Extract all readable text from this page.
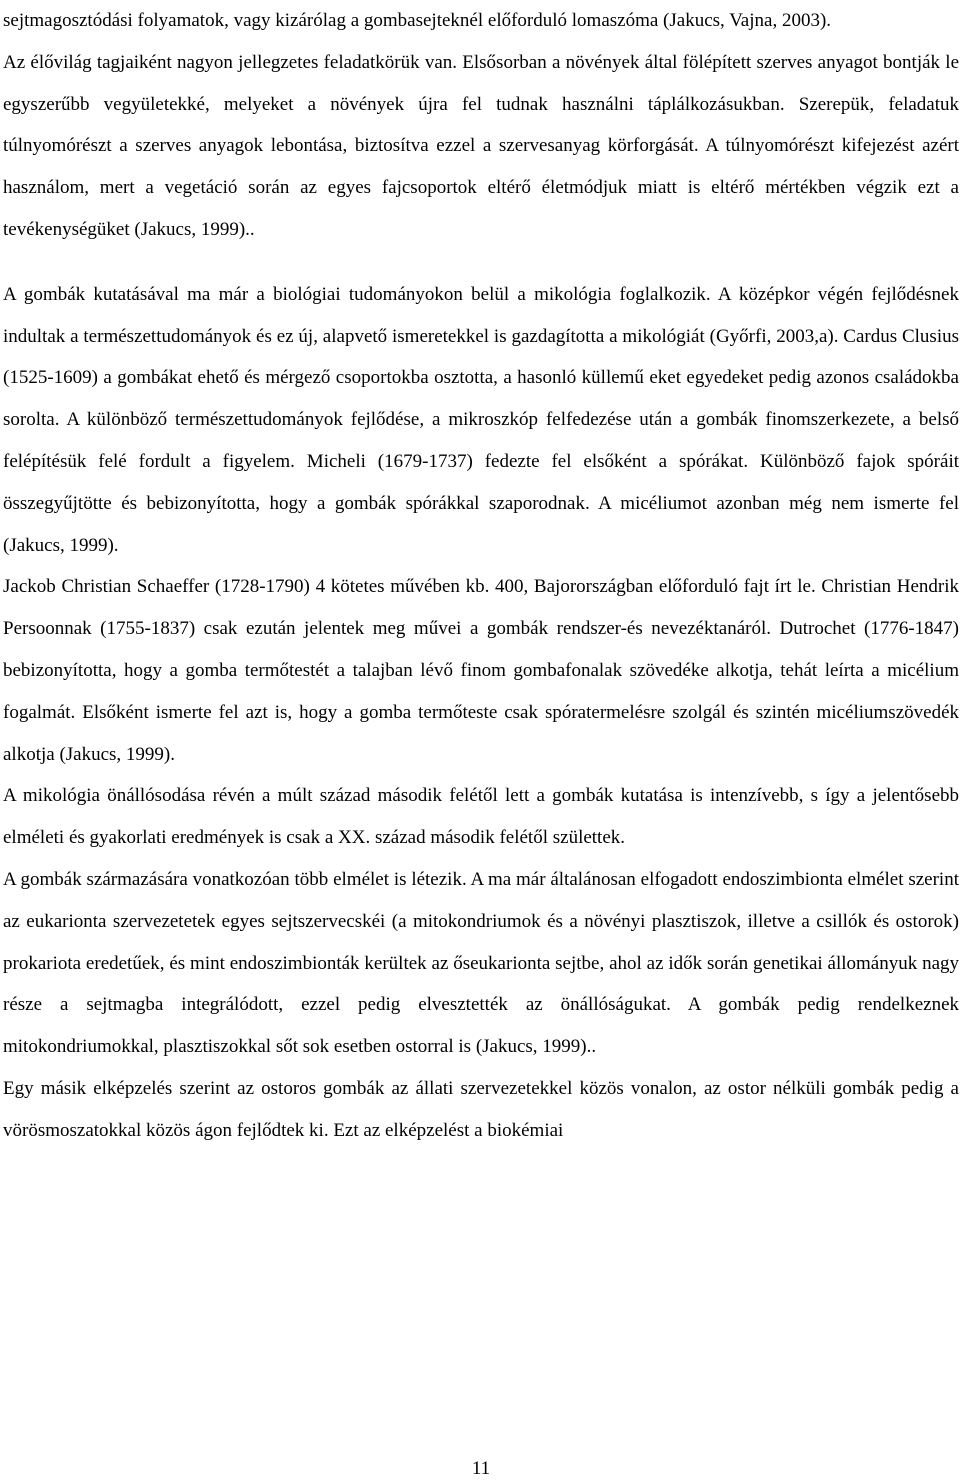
sejtmagosztódási folyamatok, vagy kizárólag a gombasejteknél előforduló lomaszóma (Jakucs, Vajna, 2003).

Az élővilág tagjaiként nagyon jellegzetes feladatkörük van. Elsősorban a növények által fölépített szerves anyagot bontják le egyszerűbb vegyületekké, melyeket a növények újra fel tudnak használni táplálkozásukban. Szerepük, feladatuk túlnyomórészt a szerves anyagok lebontása, biztosítva ezzel a szervesanyag körforgását. A túlnyomórészt kifejezést azért használom, mert a vegetáció során az egyes fajcsoportok eltérő életmódjuk miatt is eltérő mértékben végzik ezt a tevékenységüket (Jakucs, 1999)..

A gombák kutatásával ma már a biológiai tudományokon belül a mikológia foglalkozik. A középkor végén fejlődésnek indultak a természettudományok és ez új, alapvető ismeretekkel is gazdagította a mikológiát (Győrfi, 2003,a). Cardus Clusius (1525-1609) a gombákat ehető és mérgező csoportokba osztotta, a hasonló küllemű eket egyedeket pedig azonos családokba sorolta. A különböző természettudományok fejlődése, a mikroszkóp felfedezése után a gombák finomszerkezete, a belső felépítésük felé fordult a figyelem. Micheli (1679-1737) fedezte fel elsőként a spórákat. Különböző fajok spóráit összegyűjtötte és bebizonyította, hogy a gombák spórákkal szaporodnak. A micéliumot azonban még nem ismerte fel (Jakucs, 1999).

Jackob Christian Schaeffer (1728-1790) 4 kötetes művében kb. 400, Bajorországban előforduló fajt írt le. Christian Hendrik Persoonnak (1755-1837) csak ezután jelentek meg művei a gombák rendszer-és nevezéktanáról. Dutrochet (1776-1847) bebizonyította, hogy a gomba termőtestét a talajban lévő finom gombafonalak szövedéke alkotja, tehát leírta a micélium fogalmát. Elsőként ismerte fel azt is, hogy a gomba termőteste csak spóratermelésre szolgál és szintén micéliumszövedék alkotja (Jakucs, 1999).

A mikológia önállósodása révén a múlt század második felétől lett a gombák kutatása is intenzívebb, s így a jelentősebb elméleti és gyakorlati eredmények is csak a XX. század második felétől születtek.

A gombák származására vonatkozóan több elmélet is létezik. A ma már általánosan elfogadott endoszimbionta elmélet szerint az eukarionta szervezetetek egyes sejtszervecskéi (a mitokondriumok és a növényi plasztiszok, illetve a csillók és ostorok) prokariota eredetűek, és mint endoszimbionták kerültek az őseukarionta sejtbe, ahol az idők során genetikai állományuk nagy része a sejtmagba integrálódott, ezzel pedig elvesztették az önállóságukat. A gombák pedig rendelkeznek mitokondriumokkal, plasztiszokkal sőt sok esetben ostorral is (Jakucs, 1999)..

Egy másik elképzelés szerint az ostoros gombák az állati szervezetekkel közös vonalon, az ostor nélküli gombák pedig a vörösmoszatokkal közös ágon fejlődtek ki. Ezt az elképzelést a biokémiai

11
